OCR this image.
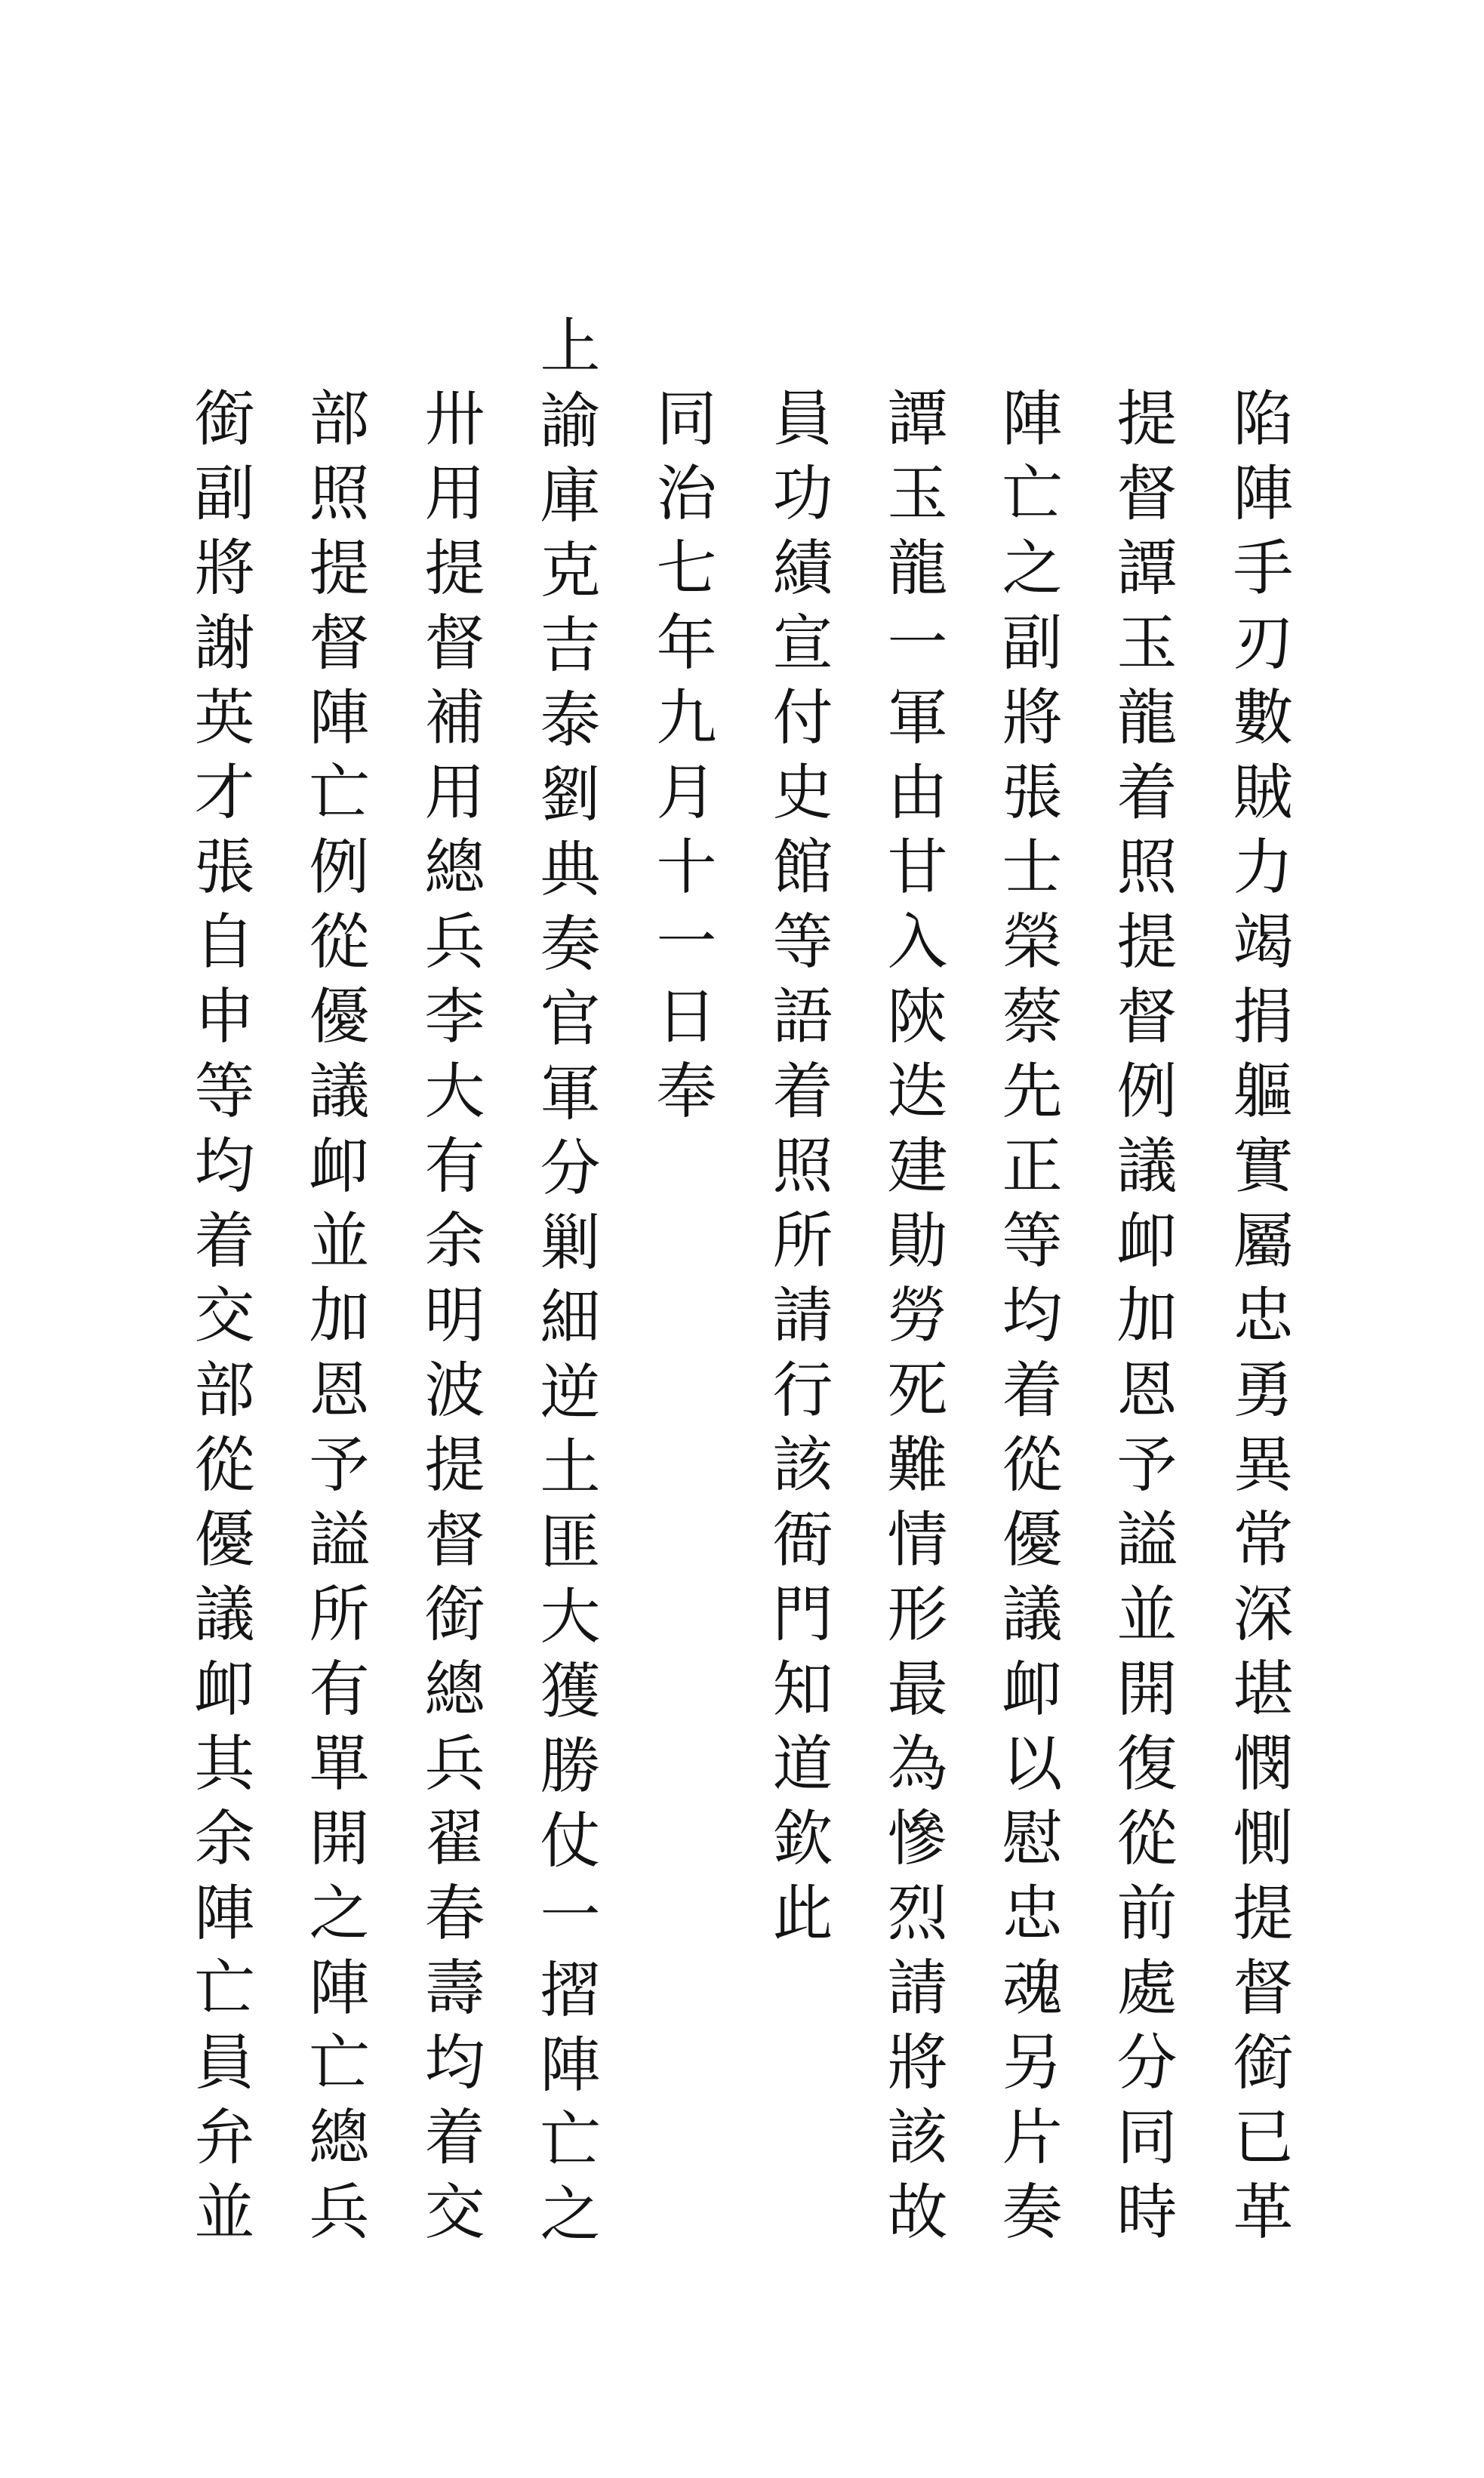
陷陣手刃數賊力竭捐軀實屬忠勇異常深堪憫惻提督銜已革

提督譚玉龍着照提督例議卹加恩予謚並開復從前處分同時

陣亡之副將張士榮蔡先正等均着從優議卹以慰忠魂另片奏

譚玉龍一軍由甘入陝迭建勛勞死難情形最為慘烈請將該故

員功績宣付史館等語着照所請行該衙門知道欽此

同治七年九月十一日奉

上諭庫克吉泰劉典奏官軍分剿細逆土匪大獲勝仗一摺陣亡之

卅用提督補用總兵李大有余明波提督銜總兵翟春壽均着交

部照提督陣亡例從優議卹並加恩予謚所有單開之陣亡總兵

銜副將謝英才張自申等均着交部從優議卹其余陣亡員弁並
